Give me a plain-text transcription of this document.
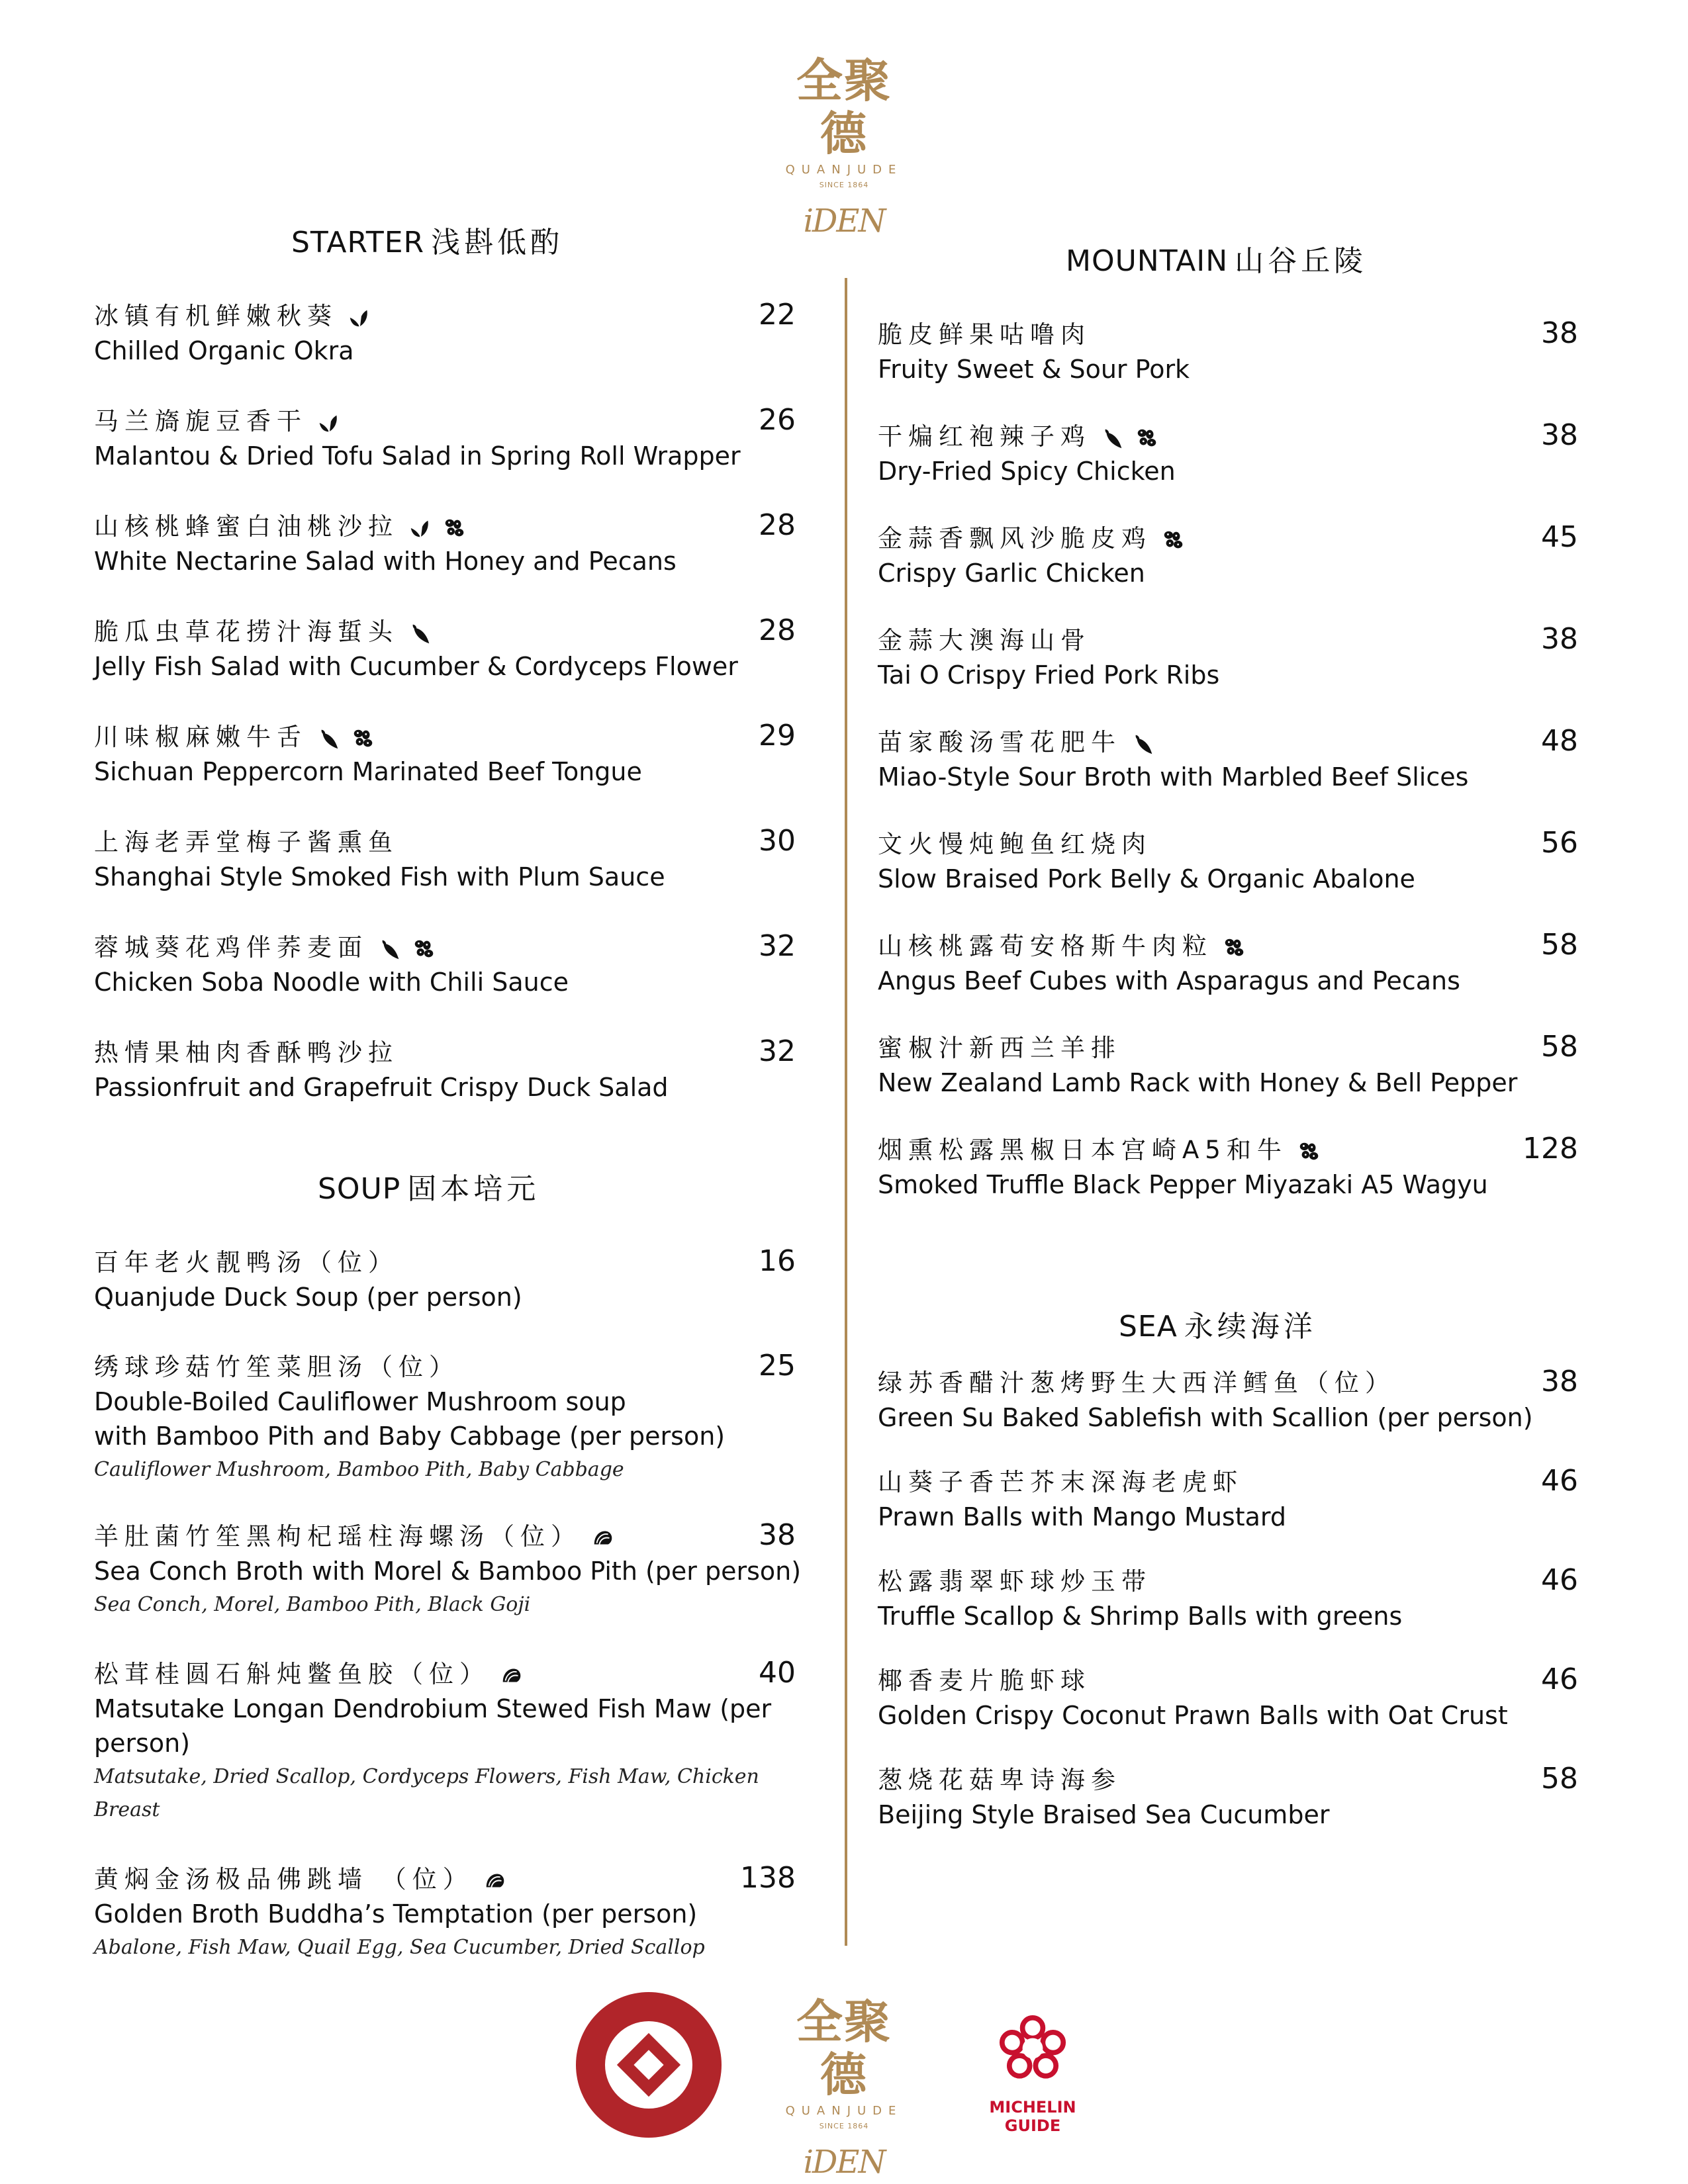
全聚德
QUANJUDE
SINCE 1864
iDEN
STARTER 浅斟低酌
SOUP 固本培元
MOUNTAIN 山谷丘陵
SEA 永续海洋
冰镇有机鲜嫩秋葵
Chilled Organic Okra
22
马兰旖旎豆香干
Malantou & Dried Tofu Salad in Spring Roll Wrapper
26
山核桃蜂蜜白油桃沙拉
White Nectarine Salad with Honey and Pecans
28
脆瓜虫草花捞汁海蜇头
Jelly Fish Salad with Cucumber & Cordyceps Flower
28
川味椒麻嫩牛舌
Sichuan Peppercorn Marinated Beef Tongue
29
上海老弄堂梅子酱熏鱼
Shanghai Style Smoked Fish with Plum Sauce
30
蓉城葵花鸡伴荞麦面
Chicken Soba Noodle with Chili Sauce
32
热情果柚肉香酥鸭沙拉
Passionfruit and Grapefruit Crispy Duck Salad
32
百年老火靓鸭汤（位）
Quanjude Duck Soup (per person)
16
绣球珍菇竹笙菜胆汤（位）
Double-Boiled Cauliflower Mushroom soup
with Bamboo Pith and Baby Cabbage (per person)
Cauliflower Mushroom, Bamboo Pith, Baby Cabbage
25
羊肚菌竹笙黑枸杞瑶柱海螺汤（位）
Sea Conch Broth with Morel & Bamboo Pith (per person)
Sea Conch, Morel, Bamboo Pith, Black Goji
38
松茸桂圆石斛炖鳖鱼胶（位）
Matsutake Longan Dendrobium Stewed Fish Maw (per
person)
Matsutake, Dried Scallop, Cordyceps Flowers, Fish Maw, Chicken
Breast
40
黄焖金汤极品佛跳墙 （位）
Golden Broth Buddha’s Temptation (per person)
Abalone, Fish Maw, Quail Egg, Sea Cucumber, Dried Scallop
138
脆皮鲜果咕噜肉
Fruity Sweet & Sour Pork
38
干煸红袍辣子鸡
Dry-Fried Spicy Chicken
38
金蒜香飘风沙脆皮鸡
Crispy Garlic Chicken
45
金蒜大澳海山骨
Tai O Crispy Fried Pork Ribs
38
苗家酸汤雪花肥牛
Miao-Style Sour Broth with Marbled Beef Slices
48
文火慢炖鲍鱼红烧肉
Slow Braised Pork Belly & Organic Abalone
56
山核桃露荀安格斯牛肉粒
Angus Beef Cubes with Asparagus and Pecans
58
蜜椒汁新西兰羊排
New Zealand Lamb Rack with Honey & Bell Pepper
58
烟熏松露黑椒日本宫崎A5和牛
Smoked Truffle Black Pepper Miyazaki A5 Wagyu
128
绿苏香醋汁葱烤野生大西洋鳕鱼（位）
Green Su Baked Sablefish with Scallion (per person)
38
山葵子香芒芥末深海老虎虾
Prawn Balls with Mango Mustard
46
松露翡翠虾球炒玉带
Truffle Scallop & Shrimp Balls with greens
46
椰香麦片脆虾球
Golden Crispy Coconut Prawn Balls with Oat Crust
46
葱烧花菇卑诗海参
Beijing Style Braised Sea Cucumber
58
全聚德
QUANJUDE
SINCE 1864
iDEN
MICHELIN GUIDE
